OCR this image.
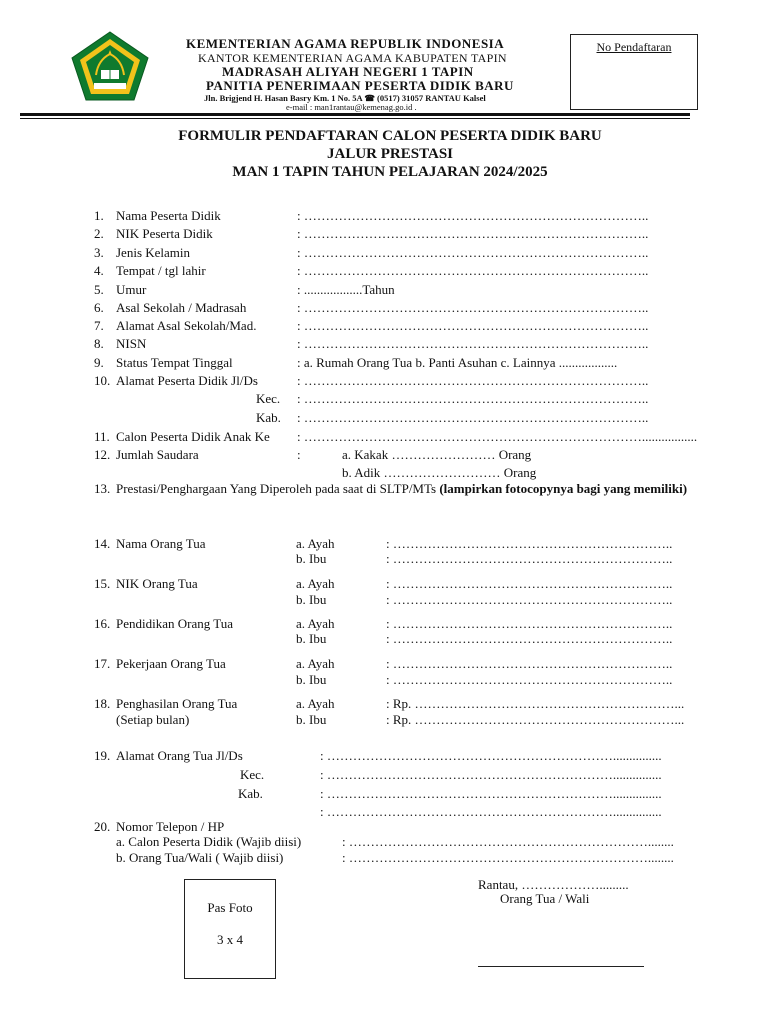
KEMENTERIAN AGAMA REPUBLIK INDONESIA
KANTOR KEMENTERIAN AGAMA KABUPATEN TAPIN
MADRASAH ALIYAH NEGERI 1 TAPIN
PANITIA PENERIMAAN PESERTA DIDIK BARU
Jln. Brigjend H. Hasan Basry Km. 1 No. 5A ☎ (0517) 31057 RANTAU Kalsel
e-mail : man1rantau@kemenag.go.id .
No Pendaftaran
FORMULIR PENDAFTARAN CALON PESERTA DIDIK BARU
JALUR PRESTASI
MAN 1 TAPIN TAHUN PELAJARAN 2024/2025
1. Nama Peserta Didik	: ……………………………………………………………………..
2. NIK Peserta Didik	: ……………………………………………………………………..
3. Jenis Kelamin	: ……………………………………………………………………..
4. Tempat / tgl lahir	: ……………………………………………………………………..
5. Umur	: ..................Tahun
6. Asal Sekolah / Madrasah	: ……………………………………………………………………..
7. Alamat Asal Sekolah/Mad.	: ……………………………………………………………………..
8. NISN	: ……………………………………………………………………..
9. Status Tempat Tinggal	: a. Rumah Orang Tua b. Panti Asuhan c. Lainnya ..................
10. Alamat Peserta Didik Jl/Ds	: ……………………………………………………………………..
Kec. : ……………………………………………………………………..
Kab. : ……………………………………………………………………..
11. Calon Peserta Didik Anak Ke : …………………………………………………………………….................
12. Jumlah Saudara	:	a. Kakak …………………… Orang
b. Adik ……………………… Orang
13. Prestasi/Penghargaan Yang Diperoleh pada saat di SLTP/MTs (lampirkan fotocopynya bagi yang memiliki)
14. Nama Orang Tua	a. Ayah	: ………………………………………………………..
b. Ibu	: ………………………………………………………..
15. NIK Orang Tua	a. Ayah	: ………………………………………………………..
b. Ibu	: ………………………………………………………..
16. Pendidikan Orang Tua	a. Ayah	: ………………………………………………………..
b. Ibu	: ………………………………………………………..
17. Pekerjaan Orang Tua	a. Ayah	: ………………………………………………………..
b. Ibu	: ………………………………………………………..
18. Penghasilan Orang Tua
(Setiap bulan)
a. Ayah	: Rp. ……………………………………………………...
b. Ibu	: Rp. ……………………………………………………...
19. Alamat Orang Tua Jl/Ds	: …………………………………………………………...............
Kec.	: …………………………………………………………...............
Kab.	: …………………………………………………………...............
: …………………………………………………………...............
20. Nomor Telepon / HP
a. Calon Peserta Didik (Wajib diisi)	: ……………………………………………………………........
b. Orang Tua/Wali ( Wajib diisi)	: ……………………………………………………………........
Pas Foto
3 x 4
Rantau, ……………….........
Orang Tua / Wali
